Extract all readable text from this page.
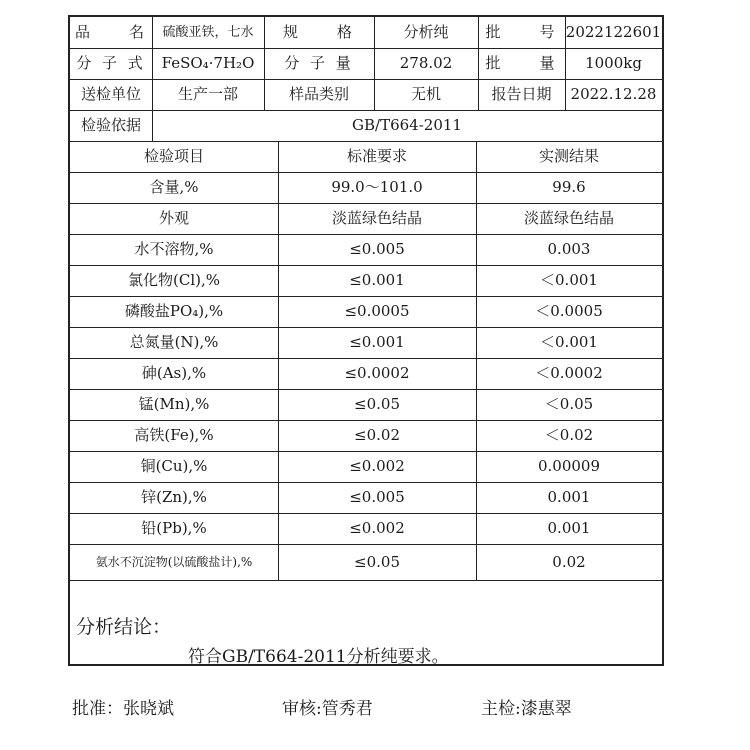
品　　名	硫酸亚铁，七水	规　　格	分析纯	批　　号 2022122601
分 子 式	FeSO₄·7H₂O	分 子 量	278.02	批　　量	1000kg
送检单位	生产一部	样品类别	无机	报告日期	2022.12.28
检验依据	GB/T664-2011
检验项目	标准要求	实测结果
含量,%	99.0～101.0	99.6
外观	淡蓝绿色结晶	淡蓝绿色结晶
水不溶物,%	≤0.005	0.003
氯化物(Cl),%	≤0.001	＜0.001
磷酸盐PO₄),%	≤0.0005	＜0.0005
总氮量(N),%	≤0.001	＜0.001
砷(As),%	≤0.0002	＜0.0002
锰(Mn),%	≤0.05	＜0.05
高铁(Fe),%	≤0.02	＜0.02
铜(Cu),%	≤0.002	0.00009
锌(Zn),%	≤0.005	0.001
铅(Pb),%	≤0.002	0.001
氨水不沉淀物(以硫酸盐计),%	≤0.05	0.02
分析结论：
符合GB/T664-2011分析纯要求。
批准：张晓斌	审核:管秀君	主检:漆惠翠
